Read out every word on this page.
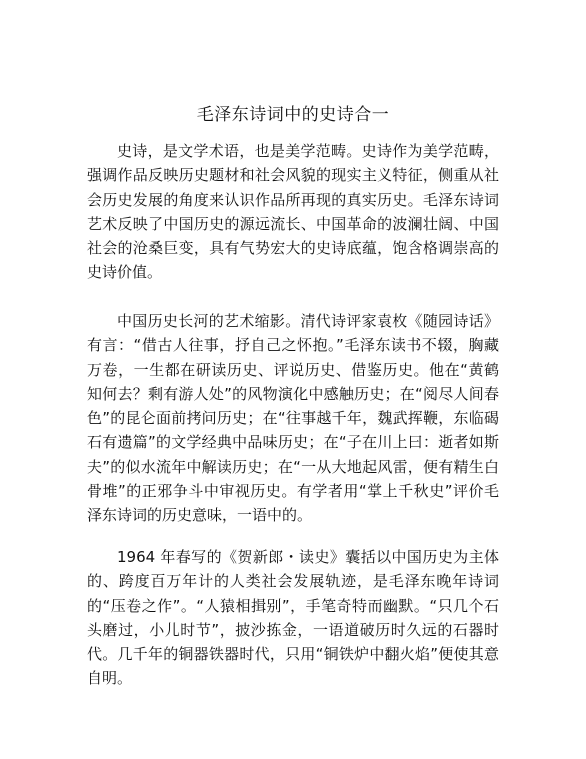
毛泽东诗词中的史诗合一

史诗，是文学术语，也是美学范畴。史诗作为美学范畴，强调作品反映历史题材和社会风貌的现实主义特征，侧重从社会历史发展的角度来认识作品所再现的真实历史。毛泽东诗词艺术反映了中国历史的源远流长、中国革命的波澜壮阔、中国社会的沧桑巨变，具有气势宏大的史诗底蕴，饱含格调崇高的史诗价值。

中国历史长河的艺术缩影。清代诗评家袁枚《随园诗话》有言：“借古人往事，抒自己之怀抱。”毛泽东读书不辍，胸藏万卷，一生都在研读历史、评说历史、借鉴历史。他在“黄鹤知何去？剩有游人处”的风物演化中感触历史；在“阅尽人间春色”的昆仑面前拷问历史；在“往事越千年，魏武挥鞭，东临碣石有遗篇”的文学经典中品味历史；在“子在川上曰：逝者如斯夫”的似水流年中解读历史；在“一从大地起风雷，便有精生白骨堆”的正邪争斗中审视历史。有学者用“掌上千秋史”评价毛泽东诗词的历史意味，一语中的。

1964 年春写的《贺新郎・读史》囊括以中国历史为主体的、跨度百万年计的人类社会发展轨迹，是毛泽东晚年诗词的“压卷之作”。“人猿相揖别”，手笔奇特而幽默。“只几个石头磨过，小儿时节”，披沙拣金，一语道破历时久远的石器时代。几千年的铜器铁器时代，只用“铜铁炉中翻火焰”便使其意自明。
